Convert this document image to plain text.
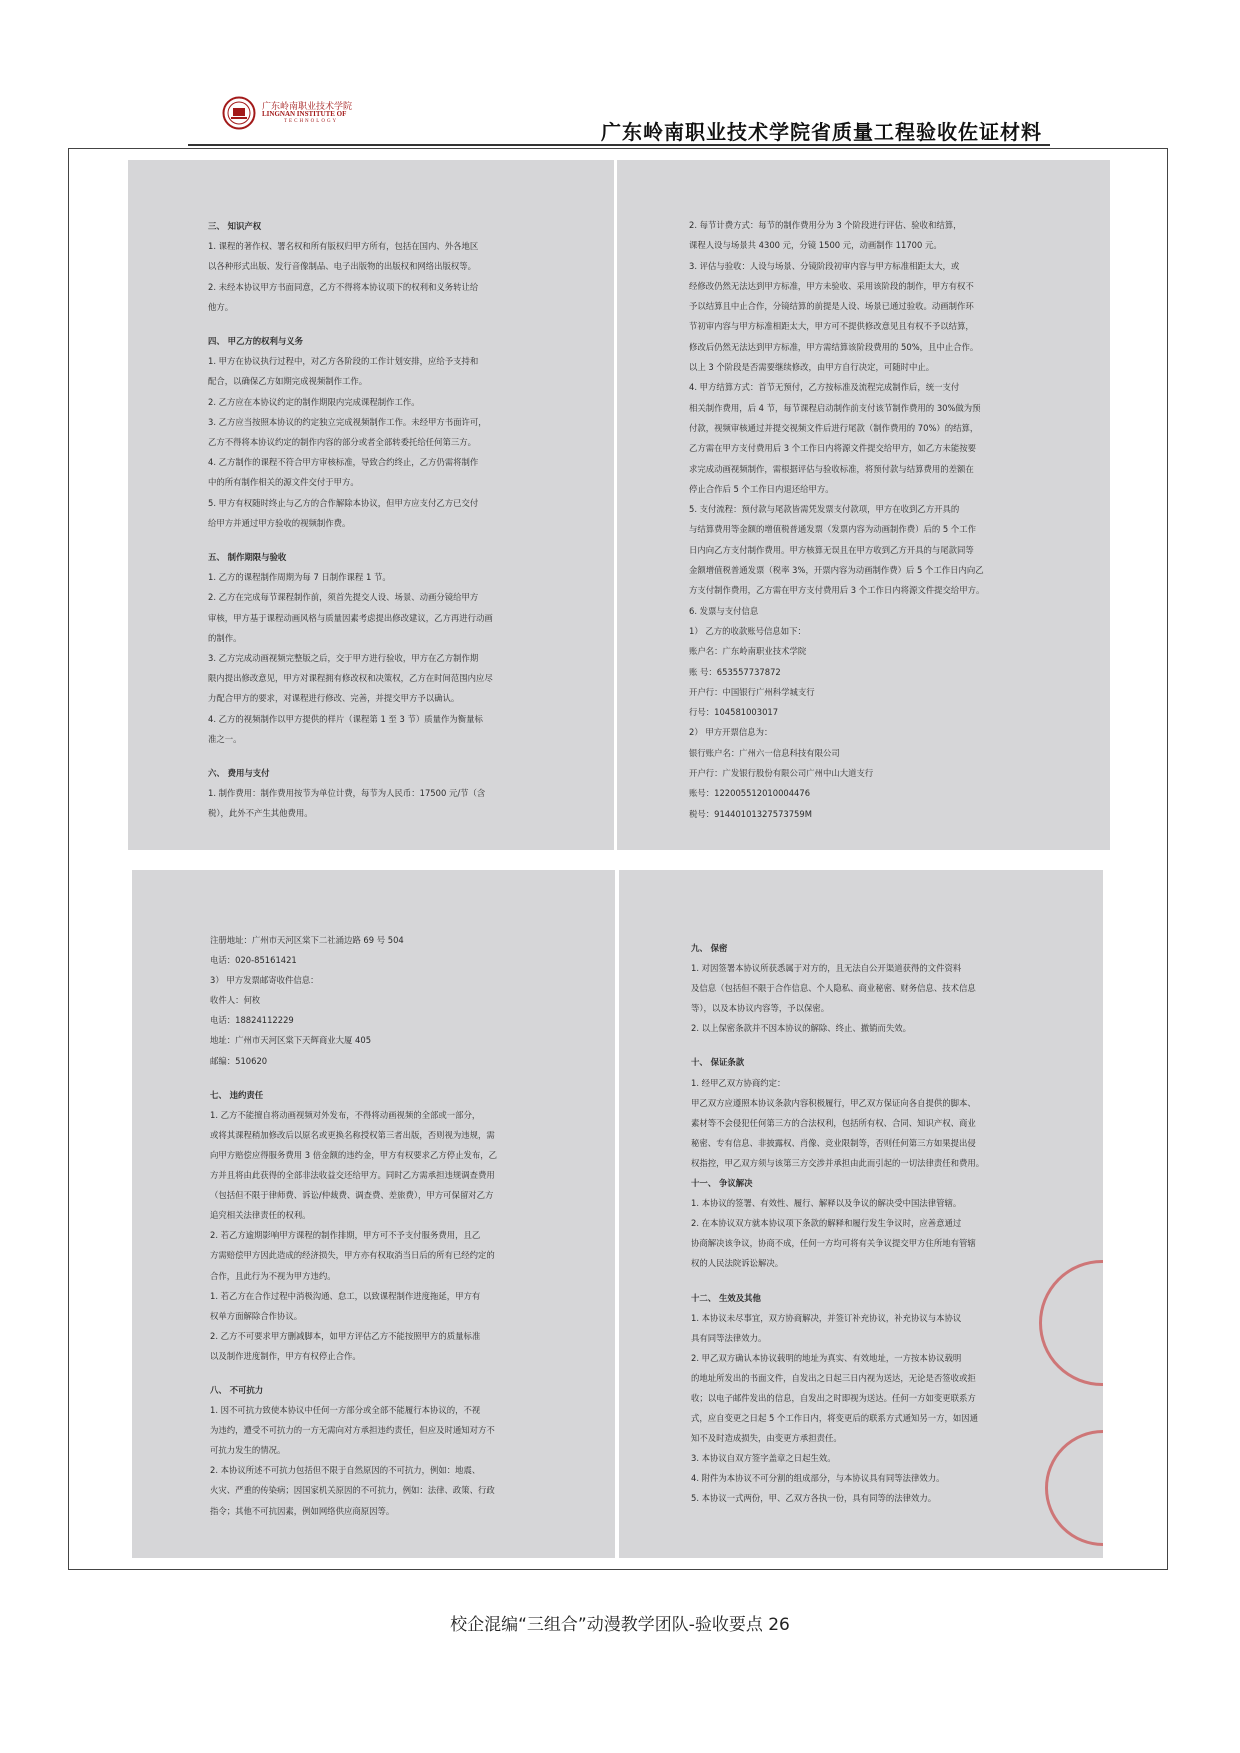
广东岭南职业技术学院
LINGNAN INSTITUTE OF
TECHNOLOGY	广东岭南职业技术学院省质量工程验收佐证材料
三、 知识产权
1. 课程的著作权、署名权和所有版权归甲方所有，包括在国内、外各地区
以各种形式出版、发行音像制品、电子出版物的出版权和网络出版权等。
2. 未经本协议甲方书面同意，乙方不得将本协议项下的权利和义务转让给
他方。
四、 甲乙方的权利与义务
1. 甲方在协议执行过程中，对乙方各阶段的工作计划安排，应给予支持和
配合，以确保乙方如期完成视频制作工作。
2. 乙方应在本协议约定的制作期限内完成课程制作工作。
3. 乙方应当按照本协议的约定独立完成视频制作工作。未经甲方书面许可，
乙方不得将本协议约定的制作内容的部分或者全部转委托给任何第三方。
4. 乙方制作的课程不符合甲方审核标准，导致合约终止，乙方仍需将制作
中的所有制作相关的源文件交付于甲方。
5. 甲方有权随时终止与乙方的合作解除本协议，但甲方应支付乙方已交付
给甲方并通过甲方验收的视频制作费。
五、 制作期限与验收
1. 乙方的课程制作周期为每 7 日制作课程 1 节。
2. 乙方在完成每节课程制作前，须首先提交人设、场景、动画分镜给甲方
审核，甲方基于课程动画风格与质量因素考虑提出修改建议，乙方再进行动画
的制作。
3. 乙方完成动画视频完整版之后，交于甲方进行验收，甲方在乙方制作期
限内提出修改意见，甲方对课程拥有修改权和决策权，乙方在时间范围内应尽
力配合甲方的要求，对课程进行修改、完善，并提交甲方予以确认。
4. 乙方的视频制作以甲方提供的样片（课程第 1 至 3 节）质量作为衡量标
准之一。
六、 费用与支付
1. 制作费用：制作费用按节为单位计费，每节为人民币：17500 元/节（含
税），此外不产生其他费用。
2. 每节计费方式：每节的制作费用分为 3 个阶段进行评估、验收和结算，
课程人设与场景共 4300 元，分镜 1500 元，动画制作 11700 元。
3. 评估与验收：人设与场景、分镜阶段初审内容与甲方标准相距太大，或
经修改仍然无法达到甲方标准，甲方未验收、采用该阶段的制作，甲方有权不
予以结算且中止合作，分镜结算的前提是人设、场景已通过验收。动画制作环
节初审内容与甲方标准相距太大，甲方可不提供修改意见且有权不予以结算，
修改后仍然无法达到甲方标准，甲方需结算该阶段费用的 50%，且中止合作。
以上 3 个阶段是否需要继续修改，由甲方自行决定，可随时中止。
4. 甲方结算方式：首节无预付，乙方按标准及流程完成制作后，统一支付
相关制作费用，后 4 节，每节课程启动制作前支付该节制作费用的 30%做为预
付款，视频审核通过并提交视频文件后进行尾款（制作费用的 70%）的结算，
乙方需在甲方支付费用后 3 个工作日内将源文件提交给甲方，如乙方未能按要
求完成动画视频制作，需根据评估与验收标准，将预付款与结算费用的差额在
停止合作后 5 个工作日内退还给甲方。
5. 支付流程：预付款与尾款皆需凭发票支付款项，甲方在收到乙方开具的
与结算费用等金额的增值税普通发票（发票内容为动画制作费）后的 5 个工作
日内向乙方支付制作费用。甲方核算无误且在甲方收到乙方开具的与尾款同等
金额增值税普通发票（税率 3%，开票内容为动画制作费）后 5 个工作日内向乙
方支付制作费用，乙方需在甲方支付费用后 3 个工作日内将源文件提交给甲方。
6. 发票与支付信息
1） 乙方的收款账号信息如下：
账户名：广东岭南职业技术学院
账 号：653557737872
开户行：中国银行广州科学城支行
行号：104581003017
2） 甲方开票信息为：
银行账户名：广州六一信息科技有限公司
开户行：广发银行股份有限公司广州中山大道支行
账号：122005512010004476
税号：91440101327573759M
注册地址：广州市天河区棠下二社涌边路 69 号 504
电话：020-85161421
3） 甲方发票邮寄收件信息：
收件人：何枚
电话：18824112229
地址：广州市天河区棠下天辉商业大厦 405
邮编：510620
七、 违约责任
1. 乙方不能擅自将动画视频对外发布，不得将动画视频的全部或一部分，
或将其课程稍加修改后以原名或更换名称授权第三者出版，否则视为违规，需
向甲方赔偿应得服务费用 3 倍金额的违约金，甲方有权要求乙方停止发布，乙
方并且将由此获得的全部非法收益交还给甲方。同时乙方需承担违规调查费用
（包括但不限于律师费、诉讼/仲裁费、调查费、差旅费），甲方可保留对乙方
追究相关法律责任的权利。
2. 若乙方逾期影响甲方课程的制作排期，甲方可不予支付服务费用，且乙
方需赔偿甲方因此造成的经济损失，甲方亦有权取消当日后的所有已经约定的
合作，且此行为不视为甲方违约。
1. 若乙方在合作过程中消极沟通、怠工，以致课程制作进度拖延，甲方有
权单方面解除合作协议。
2. 乙方不可要求甲方删减脚本，如甲方评估乙方不能按照甲方的质量标准
以及制作进度制作，甲方有权停止合作。
八、 不可抗力
1. 因不可抗力致使本协议中任何一方部分或全部不能履行本协议的，不视
为违约，遭受不可抗力的一方无需向对方承担违约责任，但应及时通知对方不
可抗力发生的情况。
2. 本协议所述不可抗力包括但不限于自然原因的不可抗力，例如：地震、
火灾、严重的传染病；因国家机关原因的不可抗力，例如：法律、政策、行政
指令；其他不可抗因素，例如网络供应商原因等。
九、 保密
1. 对因签署本协议所获悉属于对方的，且无法自公开渠道获得的文件资料
及信息（包括但不限于合作信息、个人隐私、商业秘密、财务信息、技术信息
等），以及本协议内容等，予以保密。
2. 以上保密条款并不因本协议的解除、终止、撤销而失效。
十、 保证条款
1. 经甲乙双方协商约定：
甲乙双方应遵照本协议条款内容积极履行，甲乙双方保证向各自提供的脚本、
素材等不会侵犯任何第三方的合法权利，包括所有权、合同、知识产权、商业
秘密、专有信息、非披露权、肖像、竞业限制等，否则任何第三方如果提出侵
权指控，甲乙双方须与该第三方交涉并承担由此而引起的一切法律责任和费用。
十一、 争议解决
1. 本协议的签署、有效性、履行、解释以及争议的解决受中国法律管辖。
2. 在本协议双方就本协议项下条款的解释和履行发生争议时，应善意通过
协商解决该争议，协商不成，任何一方均可将有关争议提交甲方住所地有管辖
权的人民法院诉讼解决。
十二、 生效及其他
1. 本协议未尽事宜，双方协商解决，并签订补充协议，补充协议与本协议
具有同等法律效力。
2. 甲乙双方确认本协议载明的地址为真实、有效地址，一方按本协议载明
的地址所发出的书面文件，自发出之日起三日内视为送达，无论是否签收或拒
收；以电子邮件发出的信息，自发出之时即视为送达。任何一方如变更联系方
式，应自变更之日起 5 个工作日内，将变更后的联系方式通知另一方，如因通
知不及时造成损失，由变更方承担责任。
3. 本协议自双方签字盖章之日起生效。
4. 附件为本协议不可分割的组成部分，与本协议具有同等法律效力。
5. 本协议一式两份，甲、乙双方各执一份，具有同等的法律效力。
校企混编“三组合”动漫教学团队-验收要点 26
